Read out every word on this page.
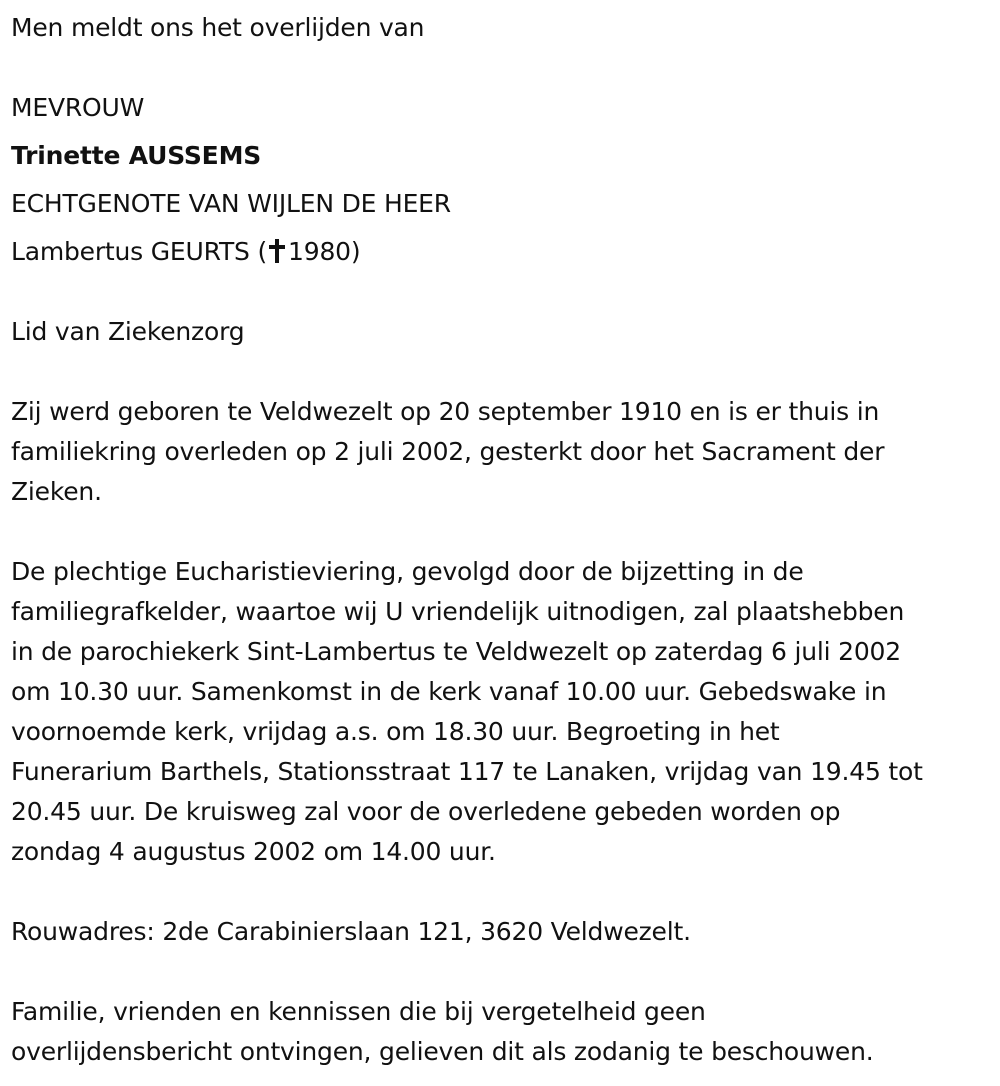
Men meldt ons het overlijden van

MEVROUW

Trinette AUSSEMS

ECHTGENOTE VAN WIJLEN DE HEER

Lambertus GEURTS ( 1980)

Lid van Ziekenzorg

Zij werd geboren te Veldwezelt op 20 september 1910 en is er thuis in
familiekring overleden op 2 juli 2002, gesterkt door het Sacrament der
Zieken.

De plechtige Eucharistieviering, gevolgd door de bijzetting in de
familiegrafkelder, waartoe wij U vriendelijk uitnodigen, zal plaatshebben
in de parochiekerk Sint-Lambertus te Veldwezelt op zaterdag 6 juli 2002
om 10.30 uur. Samenkomst in de kerk vanaf 10.00 uur. Gebedswake in
voornoemde kerk, vrijdag a.s. om 18.30 uur. Begroeting in het
Funerarium Barthels, Stationsstraat 117 te Lanaken, vrijdag van 19.45 tot
20.45 uur. De kruisweg zal voor de overledene gebeden worden op
zondag 4 augustus 2002 om 14.00 uur.

Rouwadres: 2de Carabinierslaan 121, 3620 Veldwezelt.

Familie, vrienden en kennissen die bij vergetelheid geen
overlijdensbericht ontvingen, gelieven dit als zodanig te beschouwen.
